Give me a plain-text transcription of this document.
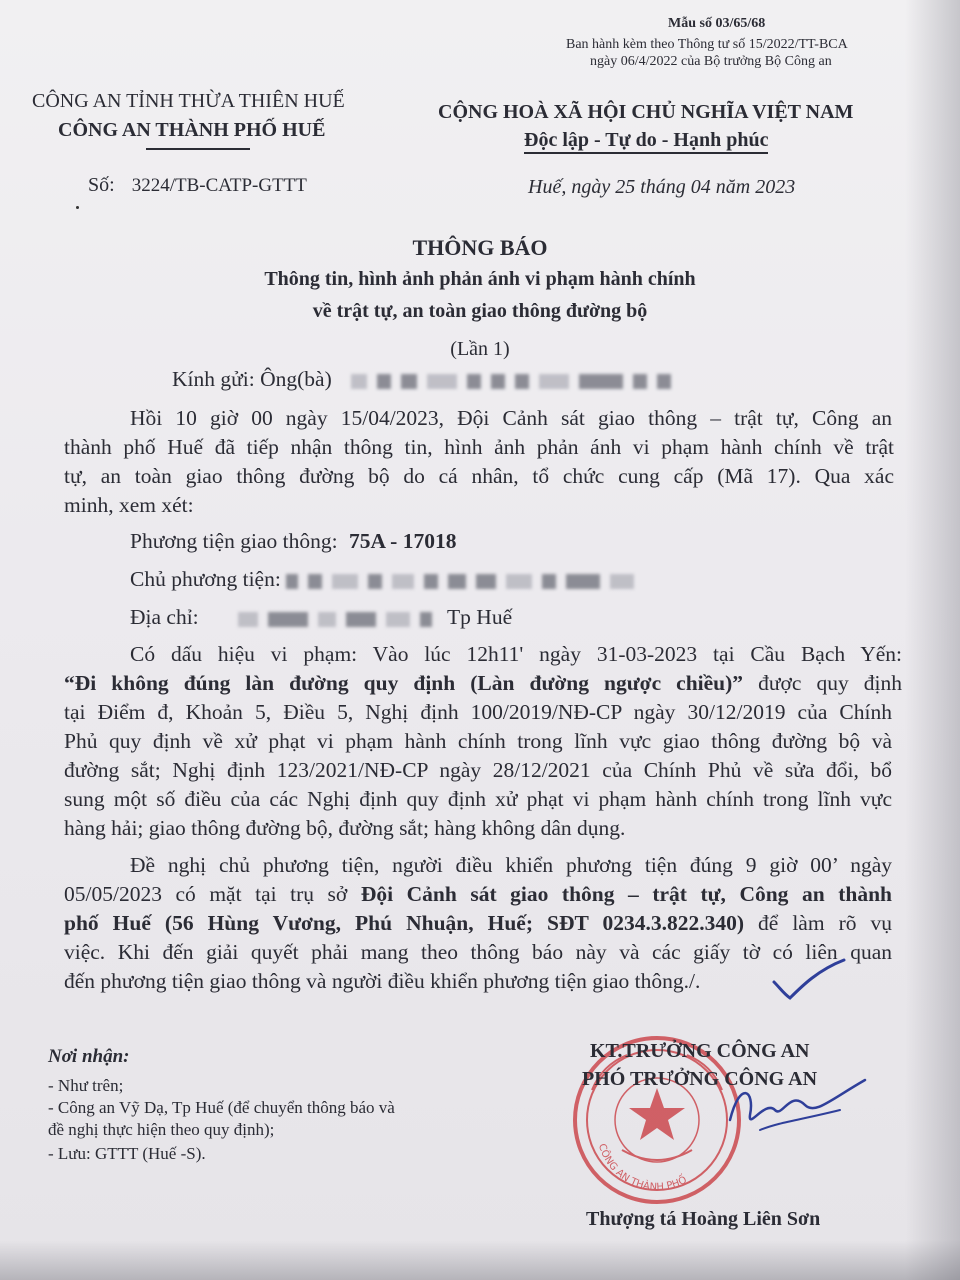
Mẫu số 03/65/68
Ban hành kèm theo Thông tư số 15/2022/TT-BCA
ngày 06/4/2022 của Bộ trưởng Bộ Công an
CÔNG AN TỈNH THỪA THIÊN HUẾ
CÔNG AN THÀNH PHỐ HUẾ
Số: 3224/TB-CATP-GTTT
CỘNG HOÀ XÃ HỘI CHỦ NGHĨA VIỆT NAM
Độc lập - Tự do - Hạnh phúc
Huế, ngày 25 tháng 04 năm 2023
THÔNG BÁO
Thông tin, hình ảnh phản ánh vi phạm hành chính
về trật tự, an toàn giao thông đường bộ
(Lần 1)
Kính gửi: Ông(bà)
Hồi 10 giờ 00 ngày 15/04/2023, Đội Cảnh sát giao thông – trật tự, Công an
thành phố Huế đã tiếp nhận thông tin, hình ảnh phản ánh vi phạm hành chính về trật
tự, an toàn giao thông đường bộ do cá nhân, tổ chức cung cấp (Mã 17). Qua xác
minh, xem xét:
Phương tiện giao thông: 75A - 17018
Chủ phương tiện:
Địa chỉ:	Tp Huế
Có dấu hiệu vi phạm: Vào lúc 12h11' ngày 31-03-2023 tại Cầu Bạch Yến:
“Đi không đúng làn đường quy định (Làn đường ngược chiều)” được quy định
tại Điểm đ, Khoản 5, Điều 5, Nghị định 100/2019/NĐ-CP ngày 30/12/2019 của Chính
Phủ quy định về xử phạt vi phạm hành chính trong lĩnh vực giao thông đường bộ và
đường sắt; Nghị định 123/2021/NĐ-CP ngày 28/12/2021 của Chính Phủ về sửa đổi, bổ
sung một số điều của các Nghị định quy định xử phạt vi phạm hành chính trong lĩnh vực
hàng hải; giao thông đường bộ, đường sắt; hàng không dân dụng.
Đề nghị chủ phương tiện, người điều khiển phương tiện đúng 9 giờ 00’ ngày
05/05/2023 có mặt tại trụ sở Đội Cảnh sát giao thông – trật tự, Công an thành
phố Huế (56 Hùng Vương, Phú Nhuận, Huế; SĐT 0234.3.822.340) để làm rõ vụ
việc. Khi đến giải quyết phải mang theo thông báo này và các giấy tờ có liên quan
đến phương tiện giao thông và người điều khiển phương tiện giao thông./.
Nơi nhận:
- Như trên;
- Công an Vỹ Dạ, Tp Huế (để chuyển thông báo và
đề nghị thực hiện theo quy định);
- Lưu: GTTT (Huế -S).	CÔNG AN THÀNH PHỐ
KT.TRƯỞNG CÔNG AN
PHÓ TRƯỞNG CÔNG AN
Thượng tá Hoàng Liên Sơn
